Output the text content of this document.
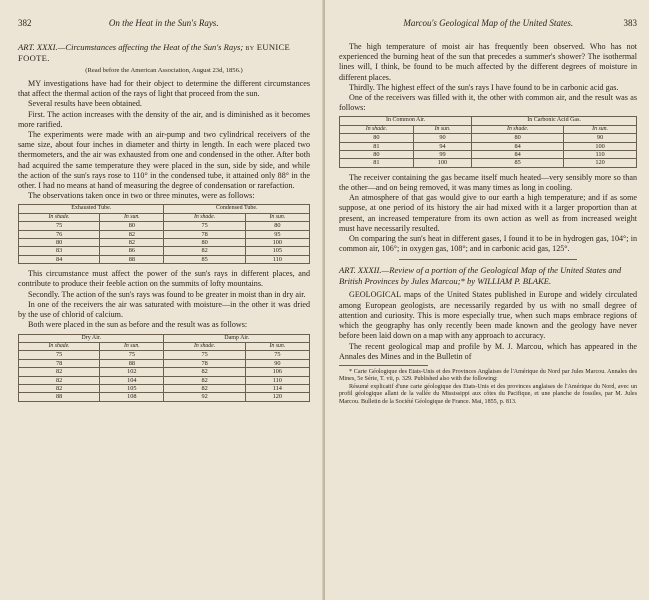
382	On the Heat in the Sun's Rays.
ART. XXXI.—Circumstances affecting the Heat of the Sun's Rays; by EUNICE FOOTE.
(Read before the American Association, August 23d, 1856.)

MY investigations have had for their object to determine the different circumstances that affect the thermal action of the rays of light that proceed from the sun.

Several results have been obtained.

First. The action increases with the density of the air, and is diminished as it becomes more rarified.

The experiments were made with an air-pump and two cylindrical receivers of the same size, about four inches in diameter and thirty in length. In each were placed two thermometers, and the air was exhausted from one and condensed in the other. After both had acquired the same temperature they were placed in the sun, side by side, and while the action of the sun's rays rose to 110° in the condensed tube, it attained only 88° in the other. I had no means at hand of measuring the degree of condensation or rarefaction.

The observations taken once in two or three minutes, were as follows:

Exhausted Tube.		Condensed Tube.	
In shade.	In sun.	In shade.	In sun.
75	80	75	80
76	82	78	95
80	82	80	100
83	86	82	105
84	88	85	110

This circumstance must affect the power of the sun's rays in different places, and contribute to produce their feeble action on the summits of lofty mountains.

Secondly. The action of the sun's rays was found to be greater in moist than in dry air.

In one of the receivers the air was saturated with moisture—in the other it was dried by the use of chlorid of calcium.

Both were placed in the sun as before and the result was as follows:

Dry Air.		Damp Air.	
In shade.	In sun.	In shade.	In sun.
75	75	75	75
78	88	78	90
82	102	82	106
82	104	82	110
82	105	82	114
88	108	92	120
Marcou's Geological Map of the United States.	383

The high temperature of moist air has frequently been observed. Who has not experienced the burning heat of the sun that precedes a summer's shower? The isothermal lines will, I think, be found to be much affected by the different degrees of moisture in different places.

Thirdly. The highest effect of the sun's rays I have found to be in carbonic acid gas.

One of the receivers was filled with it, the other with common air, and the result was as follows:

In Common Air.		In Carbonic Acid Gas.	
In shade.	In sun.	In shade.	In sun.
80	90	80	90
81	94	84	100
80	99	84	110
81	100	85	120

The receiver containing the gas became itself much heated—very sensibly more so than the other—and on being removed, it was many times as long in cooling.

An atmosphere of that gas would give to our earth a high temperature; and if as some suppose, at one period of its history the air had mixed with it a larger proportion than at present, an increased temperature from its own action as well as from increased weight must have necessarily resulted.

On comparing the sun's heat in different gases, I found it to be in hydrogen gas, 104°; in common air, 106°; in oxygen gas, 108°; and in carbonic acid gas, 125°.

ART. XXXII.—Review of a portion of the Geological Map of the United States and British Provinces by Jules Marcou;* by WILLIAM P. BLAKE.

GEOLOGICAL maps of the United States published in Europe and widely circulated among European geologists, are necessarily regarded by us with no small degree of attention and curiosity. This is more especially true, when such maps embrace regions of which the geography has only recently been made known and the geology have never before been laid down on a map with any approach to accuracy.

The recent geological map and profile by M. J. Marcou, which has appeared in the Annales des Mines and in the Bulletin of

* Carte Géologique des Etats-Unis et des Provinces Anglaises de l'Amérique du Nord par Jules Marcou. Annales des Mines, 5e Série, T. vii, p. 329. Published also with the following:
Résumé explicatif d'une carte géologique des Etats-Unis et des provinces anglaises de l'Amérique du Nord, avec un profil géologique allant de la vallée du Mississippi aux côtes du Pacifique, et une planche de fossiles, par M. Jules Marcou. Bulletin de la Société Géologique de France. Mai, 1855, p. 813.
